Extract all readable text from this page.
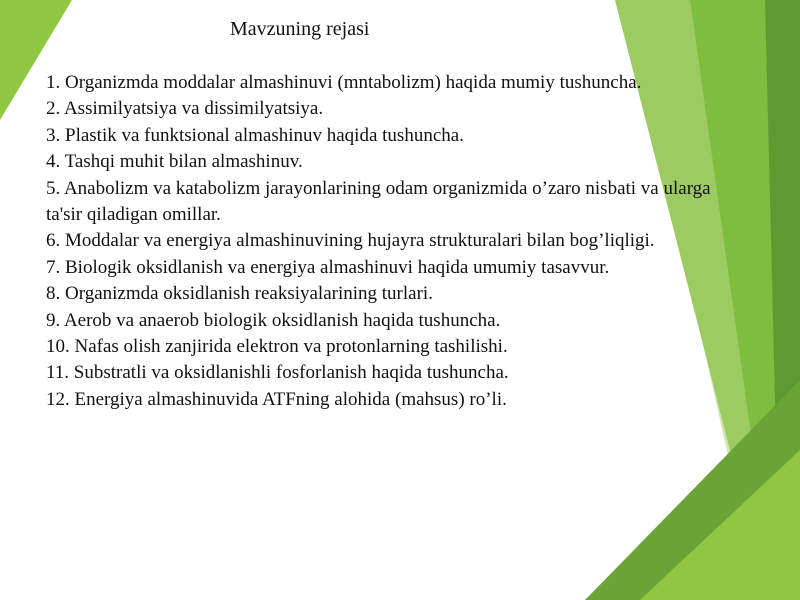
Mavzuning rejasi
1. Organizmda moddalar almashinuvi (mntabolizm) haqida mumiy tushuncha.
2. Assimilyatsiya va dissimilyatsiya.
3. Plastik va funktsional almashinuv haqida tushuncha.
4. Tashqi muhit bilan almashinuv.
5. Anabolizm va katabolizm jarayonlarining odam organizmida o’zaro nisbati va ularga ta'sir qiladigan omillar.
6. Moddalar va energiya almashinuvining hujayra strukturalari bilan bog’liqligi.
7. Biologik oksidlanish va energiya almashinuvi haqida umumiy tasavvur.
8. Organizmda oksidlanish reaksiyalarining turlari.
9. Aerob va anaerob biologik oksidlanish haqida tushuncha.
10. Nafas olish zanjirida elektron va protonlarning tashilishi.
11. Substratli va oksidlanishli fosforlanish haqida tushuncha.
12. Energiya almashinuvida ATFning alohida (mahsus) ro’li.
